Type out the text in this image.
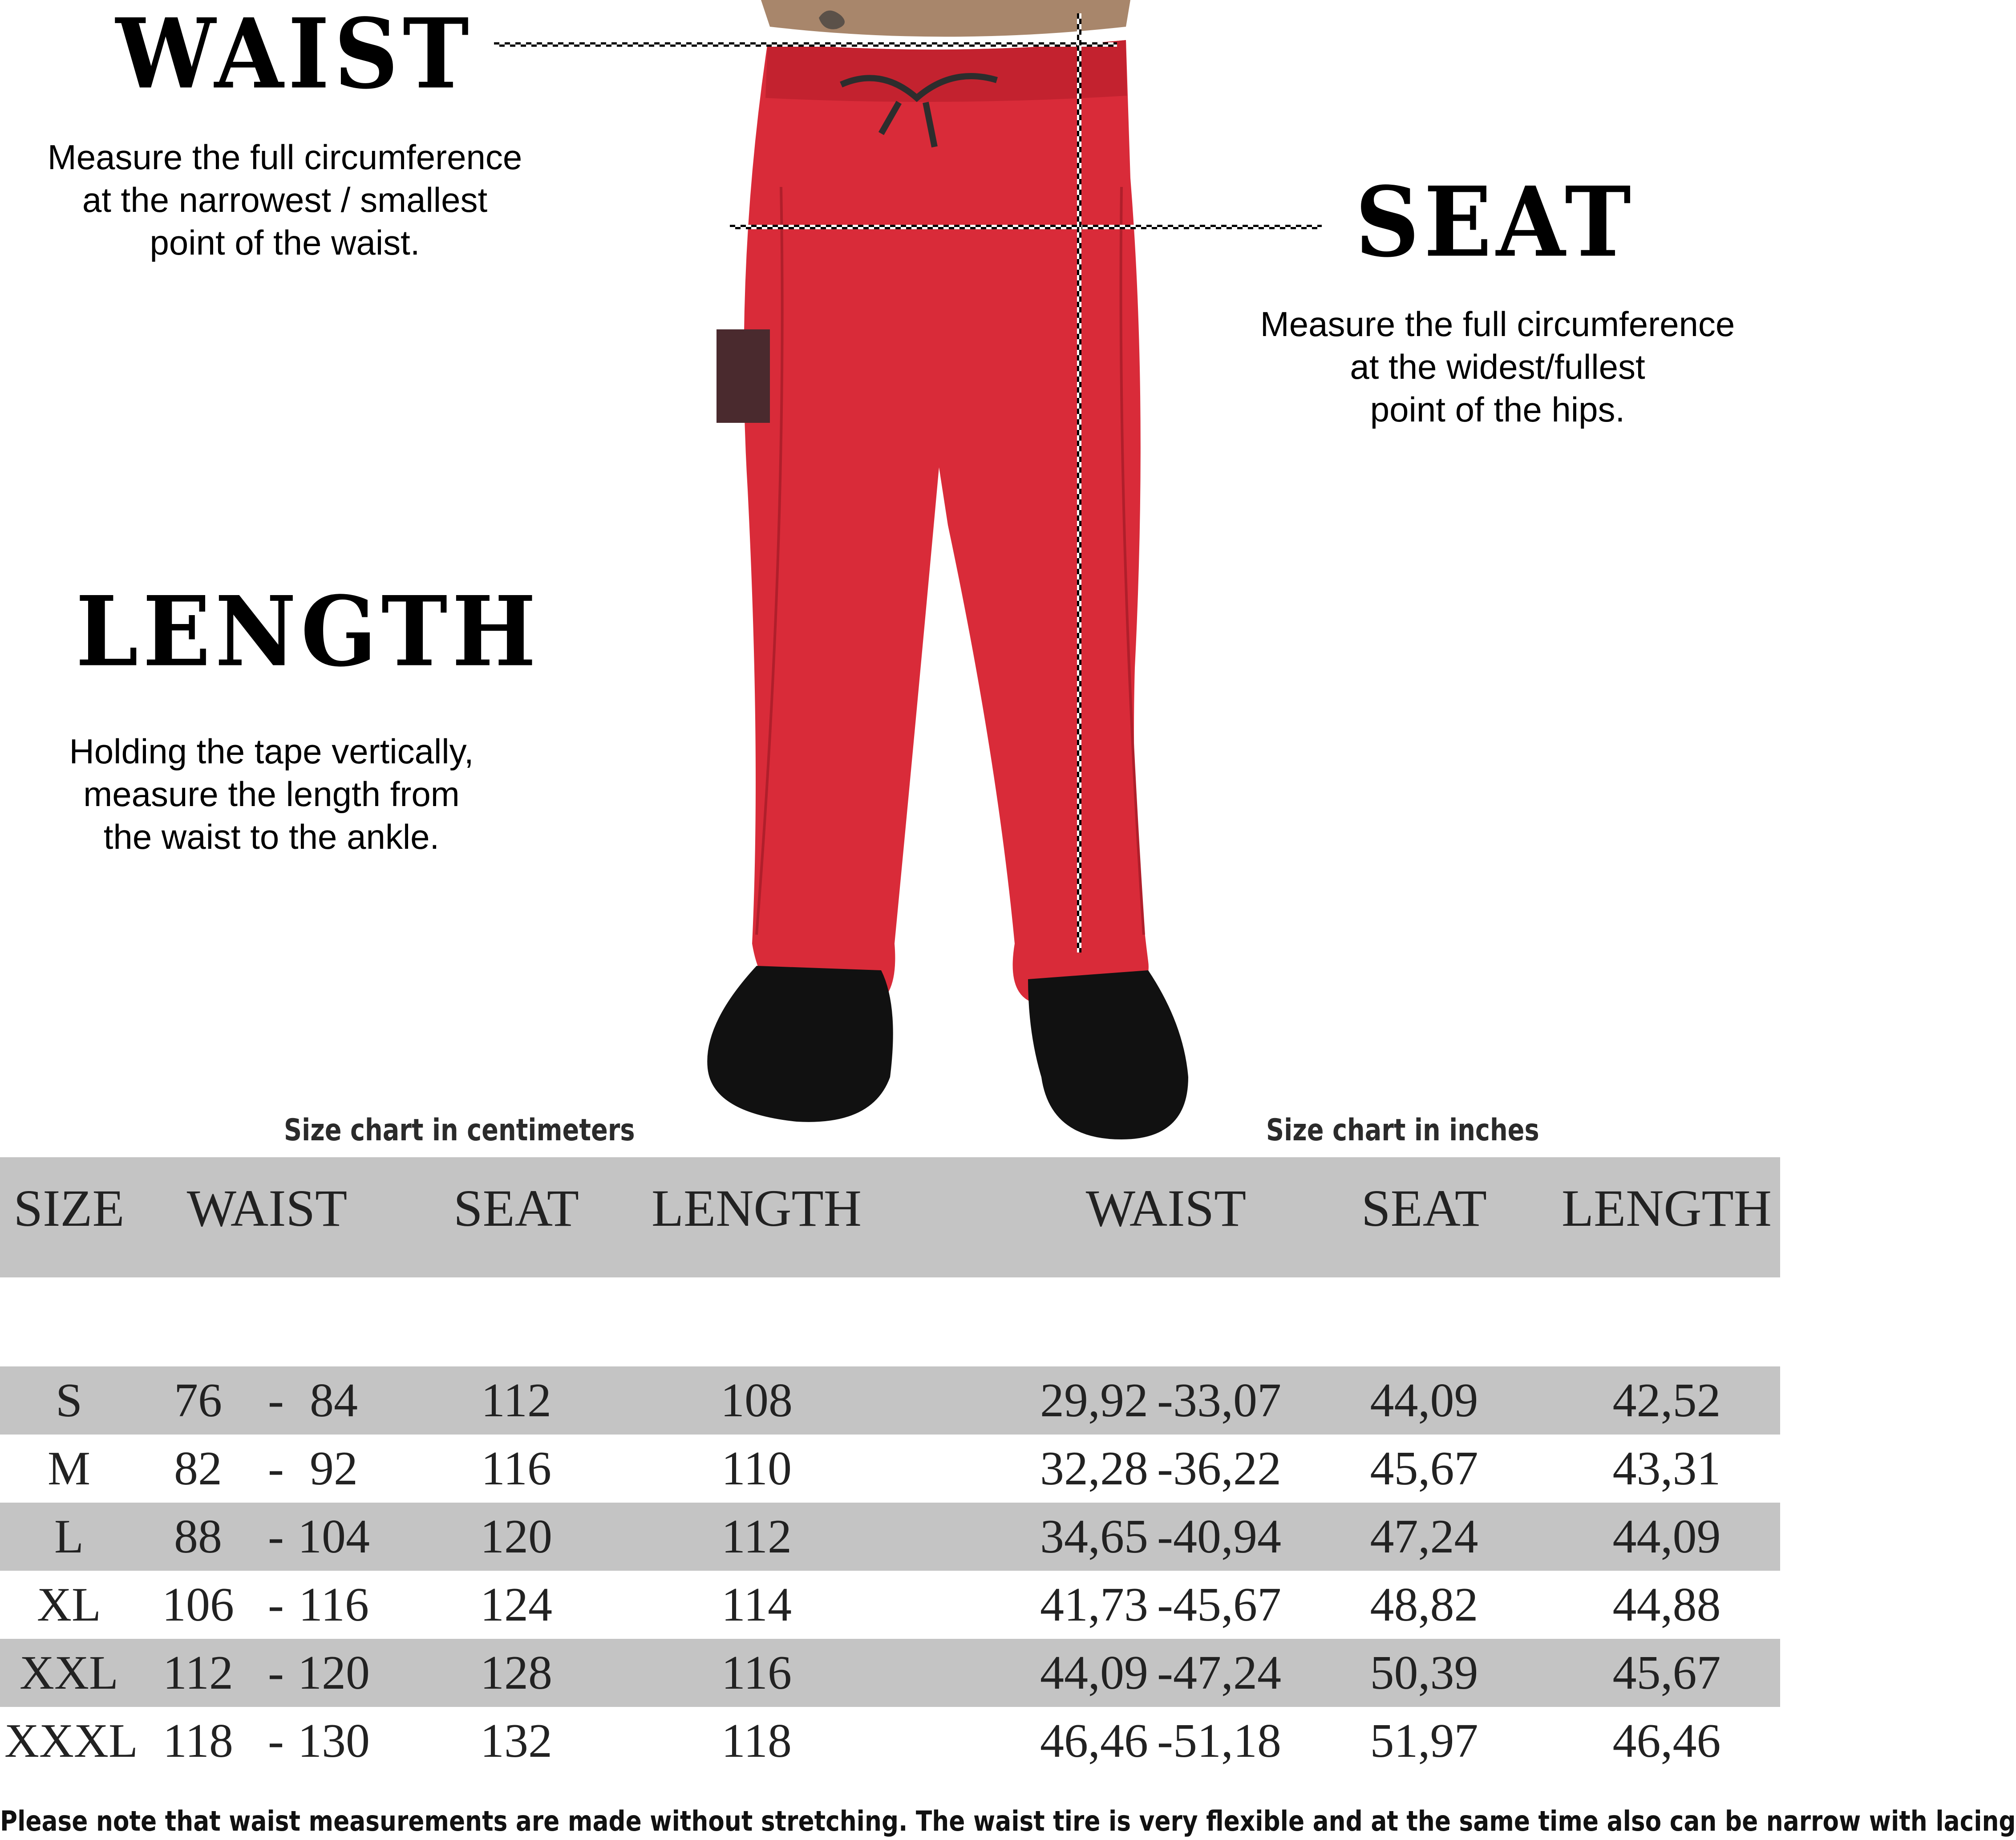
WAIST
Measure the full circumference
at the narrowest / smallest
point of the waist.	SEAT
Measure the full circumference
at the widest/fullest
point of the hips.
LENGTH
Holding the tape vertically,
measure the length from
the waist to the ankle.
Size chart in centimeters	Size chart in inches
SIZE WAIST SEAT LENGTH	WAIST SEAT LENGTH
S	76 - 84	112	108	29,92 -33,07	44,09	42,52
M	82 - 92	116	110	32,28 -36,22	45,67	43,31
L	88 - 104	120	112	34,65 -40,94	47,24	44,09
XL	106 - 116	124	114	41,73 -45,67	48,82	44,88
XXL 112 - 120	128	116	44,09 -47,24	50,39	45,67
XXXL 118 - 130	132	118	46,46 -51,18	51,97	46,46
Please note that waist measurements are made without stretching. The waist tire is very flexible and at the same time also can be narrow with lacing
